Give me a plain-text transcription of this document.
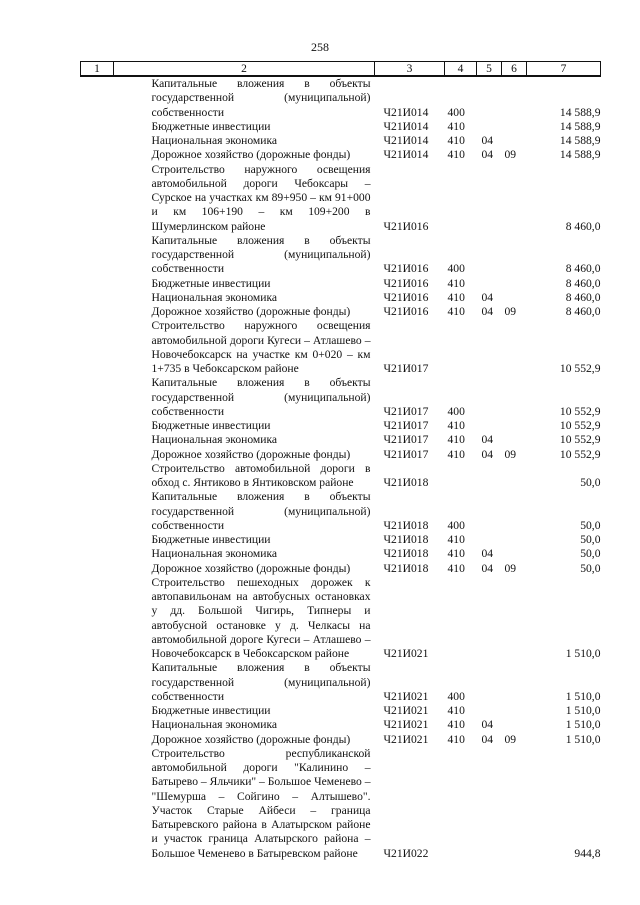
258
1	2	3	4	5	6	7

	Капитальные вложения в объекты государственной (муниципальной) собственности	Ч21И014	400			14 588,9

	Бюджетные инвестиции	Ч21И014	410			14 588,9

	Национальная экономика	Ч21И014	410	04		14 588,9

	Дорожное хозяйство (дорожные фонды)	Ч21И014	410	04	09	14 588,9

	Строительство наружного освещения автомобильной дороги Чебоксары – Сурское на участках км 89+950 – км 91+000 и км 106+190 – км 109+200 в Шумерлинском районе	Ч21И016				8 460,0

	Капитальные вложения в объекты государственной (муниципальной) собственности	Ч21И016	400			8 460,0

	Бюджетные инвестиции	Ч21И016	410			8 460,0

	Национальная экономика	Ч21И016	410	04		8 460,0

	Дорожное хозяйство (дорожные фонды)	Ч21И016	410	04	09	8 460,0

	Строительство наружного освещения автомобильной дороги Кугеси – Атлашево – Новочебоксарск на участке км 0+020 – км 1+735 в Чебоксарском районе	Ч21И017				10 552,9

	Капитальные вложения в объекты государственной (муниципальной) собственности	Ч21И017	400			10 552,9

	Бюджетные инвестиции	Ч21И017	410			10 552,9

	Национальная экономика	Ч21И017	410	04		10 552,9

	Дорожное хозяйство (дорожные фонды)	Ч21И017	410	04	09	10 552,9

	Строительство автомобильной дороги в обход с. Янтиково в Янтиковском районе	Ч21И018				50,0

	Капитальные вложения в объекты государственной (муниципальной) собственности	Ч21И018	400			50,0

	Бюджетные инвестиции	Ч21И018	410			50,0

	Национальная экономика	Ч21И018	410	04		50,0

	Дорожное хозяйство (дорожные фонды)	Ч21И018	410	04	09	50,0

	Строительство пешеходных дорожек к автопавильонам на автобусных остановках у дд. Большой Чигирь, Типнеры и автобусной остановке у д. Челкасы на автомобильной дороге Кугеси – Атлашево – Новочебоксарск в Чебоксарском районе	Ч21И021				1 510,0

	Капитальные вложения в объекты государственной (муниципальной) собственности	Ч21И021	400			1 510,0

	Бюджетные инвестиции	Ч21И021	410			1 510,0

	Национальная экономика	Ч21И021	410	04		1 510,0

	Дорожное хозяйство (дорожные фонды)	Ч21И021	410	04	09	1 510,0

	Строительство республиканской автомобильной дороги "Калинино – Батырево – Яльчики" – Большое Чеменево – "Шемурша – Сойгино – Алтышево". Участок Старые Айбеси – граница Батыревского района в Алатырском районе и участок граница Алатырского района – Большое Чеменево в Батыревском районе	Ч21И022				944,8
